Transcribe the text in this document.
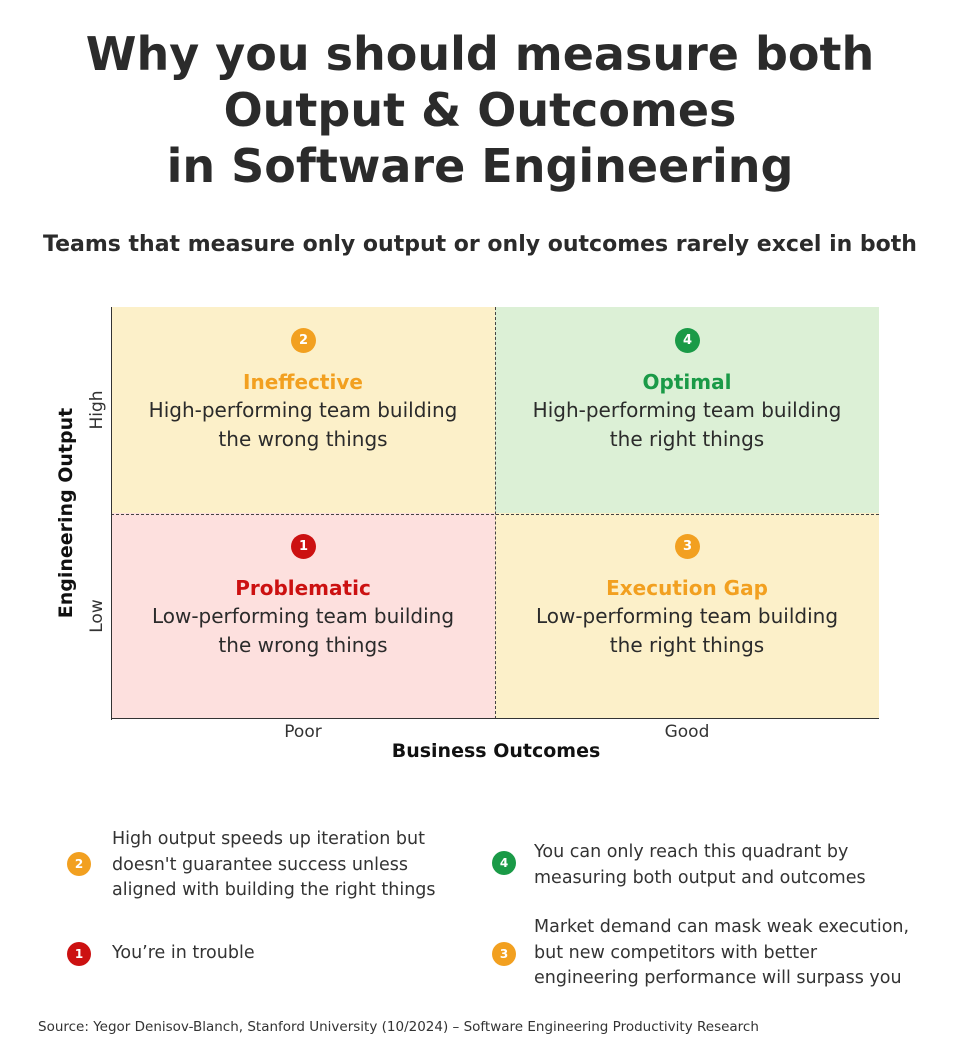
Why you should measure both
Output & Outcomes
in Software Engineering
Teams that measure only output or only outcomes rarely excel in both
2
Ineffective
High-performing team building
the wrong things
4
Optimal
High-performing team building
the right things
1
Problematic
Low-performing team building
the wrong things
3
Execution Gap
Low-performing team building
the right things
Engineering Output High
Low
Poor	Good
Business Outcomes
2
High output speeds up iteration but
doesn't guarantee success unless
aligned with building the right things
1	You’re in trouble
4
You can only reach this quadrant by
measuring both output and outcomes
3
Market demand can mask weak execution,
but new competitors with better
engineering performance will surpass you
Source: Yegor Denisov-Blanch, Stanford University (10/2024) – Software Engineering Productivity Research
